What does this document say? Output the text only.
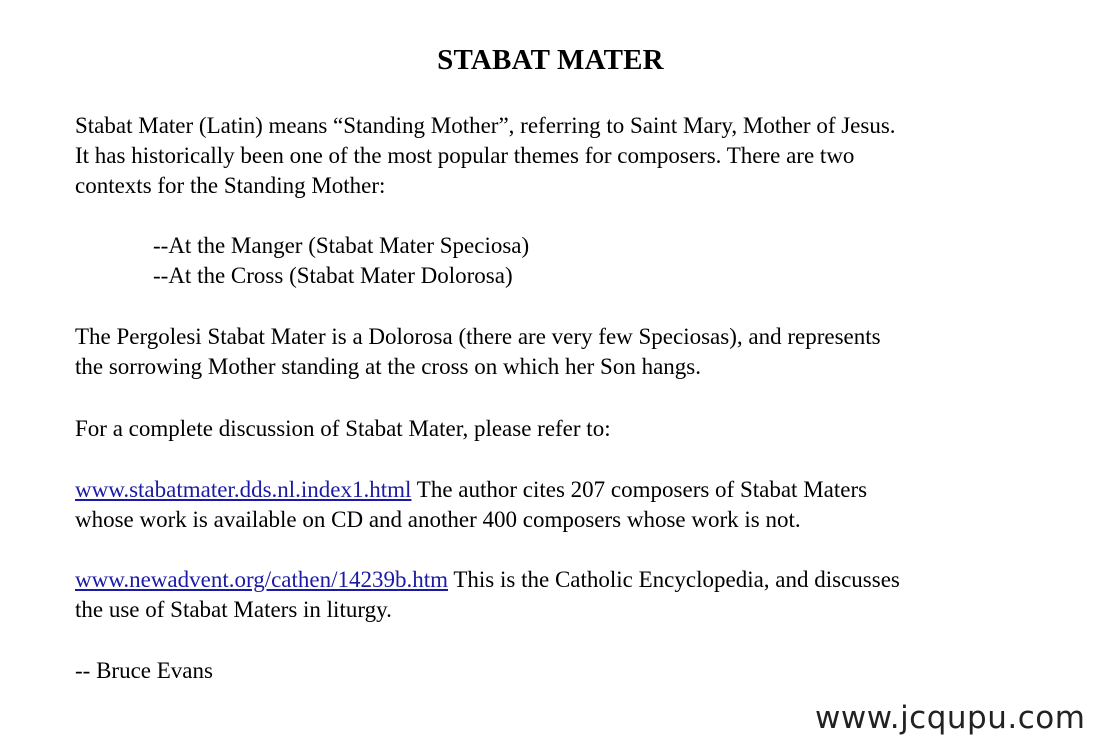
STABAT MATER

Stabat Mater (Latin) means “Standing Mother”, referring to Saint Mary, Mother of Jesus.
It has historically been one of the most popular themes for composers. There are two
contexts for the Standing Mother:

--At the Manger (Stabat Mater Speciosa)
--At the Cross (Stabat Mater Dolorosa)

The Pergolesi Stabat Mater is a Dolorosa (there are very few Speciosas), and represents
the sorrowing Mother standing at the cross on which her Son hangs.

For a complete discussion of Stabat Mater, please refer to:

www.stabatmater.dds.nl.index1.html The author cites 207 composers of Stabat Maters
whose work is available on CD and another 400 composers whose work is not.

www.newadvent.org/cathen/14239b.htm This is the Catholic Encyclopedia, and discusses
the use of Stabat Maters in liturgy.

-- Bruce Evans

www.jcqupu.com
